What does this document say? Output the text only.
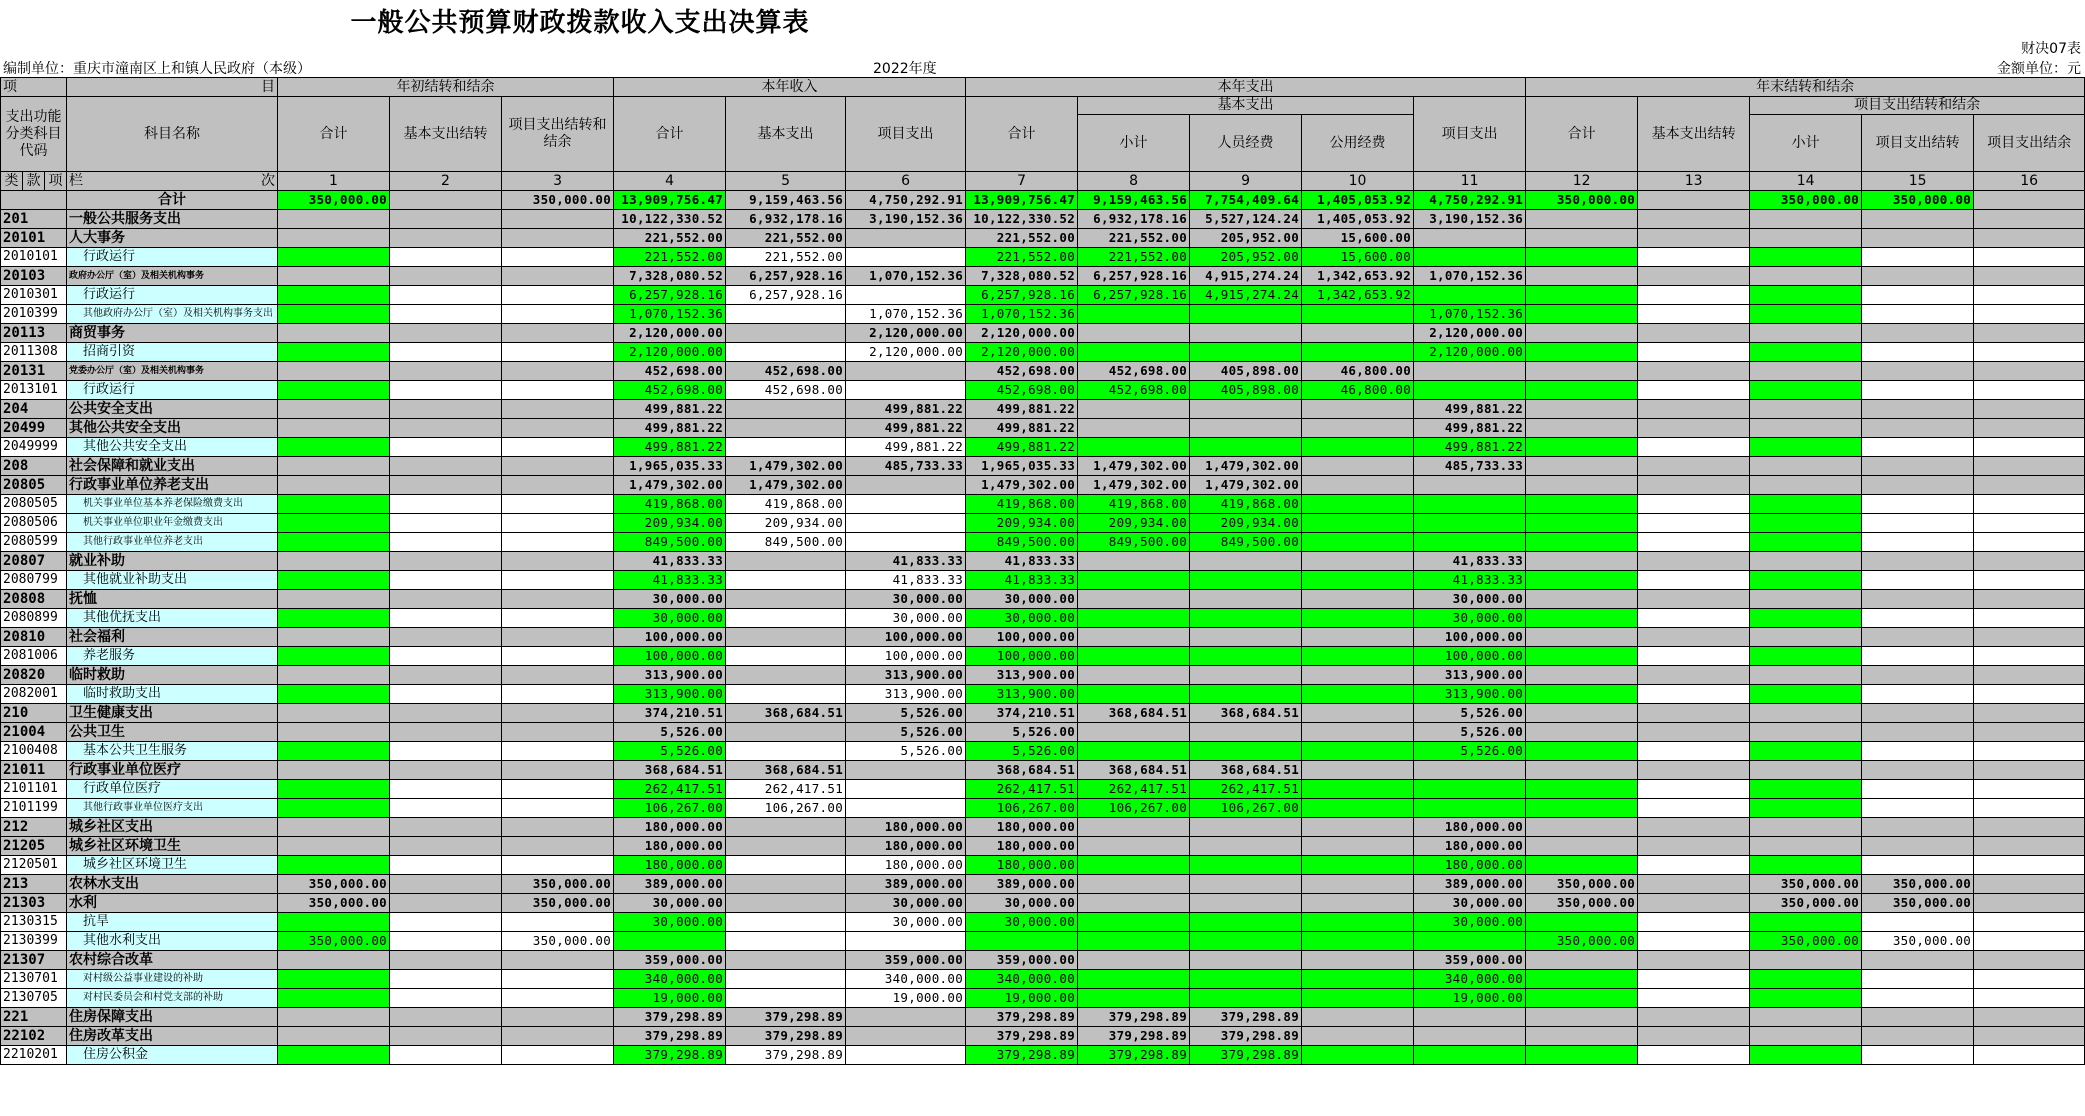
一般公共预算财政拨款收入支出决算表
财决07表
金额单位：元
编制单位：重庆市潼南区上和镇人民政府（本级）	2022年度
项			目	年初结转和结余			本年收入			本年支出					年末结转和结余				
支出功能分类科目代码			科目名称	合计	基本支出结转	项目支出结转和结余	合计	基本支出	项目支出	合计	基本支出			项目支出	合计	基本支出结转	项目支出结转和结余		
											小计	人员经费	公用经费				小计	项目支出结转	项目支出结余
类	款	项	栏 次	1	2	3	4	5	6	7	8	9	10	11	12	13	14	15	16
			合计	350,000.00		350,000.00	13,909,756.47	9,159,463.56	4,750,292.91	13,909,756.47	9,159,463.56	7,754,409.64	1,405,053.92	4,750,292.91	350,000.00		350,000.00	350,000.00	
201			一般公共服务支出				10,122,330.52	6,932,178.16	3,190,152.36	10,122,330.52	6,932,178.16	5,527,124.24	1,405,053.92	3,190,152.36					
20101			人大事务				221,552.00	221,552.00		221,552.00	221,552.00	205,952.00	15,600.00						
2010101			行政运行				221,552.00	221,552.00		221,552.00	221,552.00	205,952.00	15,600.00						
20103			政府办公厅（室）及相关机构事务				7,328,080.52	6,257,928.16	1,070,152.36	7,328,080.52	6,257,928.16	4,915,274.24	1,342,653.92	1,070,152.36					
2010301			行政运行				6,257,928.16	6,257,928.16		6,257,928.16	6,257,928.16	4,915,274.24	1,342,653.92						
2010399			其他政府办公厅（室）及相关机构事务支出				1,070,152.36		1,070,152.36	1,070,152.36				1,070,152.36					
20113			商贸事务				2,120,000.00		2,120,000.00	2,120,000.00				2,120,000.00					
2011308			招商引资				2,120,000.00		2,120,000.00	2,120,000.00				2,120,000.00					
20131			党委办公厅（室）及相关机构事务				452,698.00	452,698.00		452,698.00	452,698.00	405,898.00	46,800.00						
2013101			行政运行				452,698.00	452,698.00		452,698.00	452,698.00	405,898.00	46,800.00						
204			公共安全支出				499,881.22		499,881.22	499,881.22				499,881.22					
20499			其他公共安全支出				499,881.22		499,881.22	499,881.22				499,881.22					
2049999			其他公共安全支出				499,881.22		499,881.22	499,881.22				499,881.22					
208			社会保障和就业支出				1,965,035.33	1,479,302.00	485,733.33	1,965,035.33	1,479,302.00	1,479,302.00		485,733.33					
20805			行政事业单位养老支出				1,479,302.00	1,479,302.00		1,479,302.00	1,479,302.00	1,479,302.00							
2080505			机关事业单位基本养老保险缴费支出				419,868.00	419,868.00		419,868.00	419,868.00	419,868.00							
2080506			机关事业单位职业年金缴费支出				209,934.00	209,934.00		209,934.00	209,934.00	209,934.00							
2080599			其他行政事业单位养老支出				849,500.00	849,500.00		849,500.00	849,500.00	849,500.00							
20807			就业补助				41,833.33		41,833.33	41,833.33				41,833.33					
2080799			其他就业补助支出				41,833.33		41,833.33	41,833.33				41,833.33					
20808			抚恤				30,000.00		30,000.00	30,000.00				30,000.00					
2080899			其他优抚支出				30,000.00		30,000.00	30,000.00				30,000.00					
20810			社会福利				100,000.00		100,000.00	100,000.00				100,000.00					
2081006			养老服务				100,000.00		100,000.00	100,000.00				100,000.00					
20820			临时救助				313,900.00		313,900.00	313,900.00				313,900.00					
2082001			临时救助支出				313,900.00		313,900.00	313,900.00				313,900.00					
210			卫生健康支出				374,210.51	368,684.51	5,526.00	374,210.51	368,684.51	368,684.51		5,526.00					
21004			公共卫生				5,526.00		5,526.00	5,526.00				5,526.00					
2100408			基本公共卫生服务				5,526.00		5,526.00	5,526.00				5,526.00					
21011			行政事业单位医疗				368,684.51	368,684.51		368,684.51	368,684.51	368,684.51							
2101101			行政单位医疗				262,417.51	262,417.51		262,417.51	262,417.51	262,417.51							
2101199			其他行政事业单位医疗支出				106,267.00	106,267.00		106,267.00	106,267.00	106,267.00							
212			城乡社区支出				180,000.00		180,000.00	180,000.00				180,000.00					
21205			城乡社区环境卫生				180,000.00		180,000.00	180,000.00				180,000.00					
2120501			城乡社区环境卫生				180,000.00		180,000.00	180,000.00				180,000.00					
213			农林水支出	350,000.00		350,000.00	389,000.00		389,000.00	389,000.00				389,000.00	350,000.00		350,000.00	350,000.00	
21303			水利	350,000.00		350,000.00	30,000.00		30,000.00	30,000.00				30,000.00	350,000.00		350,000.00	350,000.00	
2130315			抗旱				30,000.00		30,000.00	30,000.00				30,000.00					
2130399			其他水利支出	350,000.00		350,000.00									350,000.00		350,000.00	350,000.00	
21307			农村综合改革				359,000.00		359,000.00	359,000.00				359,000.00					
2130701			对村级公益事业建设的补助				340,000.00		340,000.00	340,000.00				340,000.00					
2130705			对村民委员会和村党支部的补助				19,000.00		19,000.00	19,000.00				19,000.00					
221			住房保障支出				379,298.89	379,298.89		379,298.89	379,298.89	379,298.89							
22102			住房改革支出				379,298.89	379,298.89		379,298.89	379,298.89	379,298.89							
2210201			住房公积金				379,298.89	379,298.89		379,298.89	379,298.89	379,298.89							
